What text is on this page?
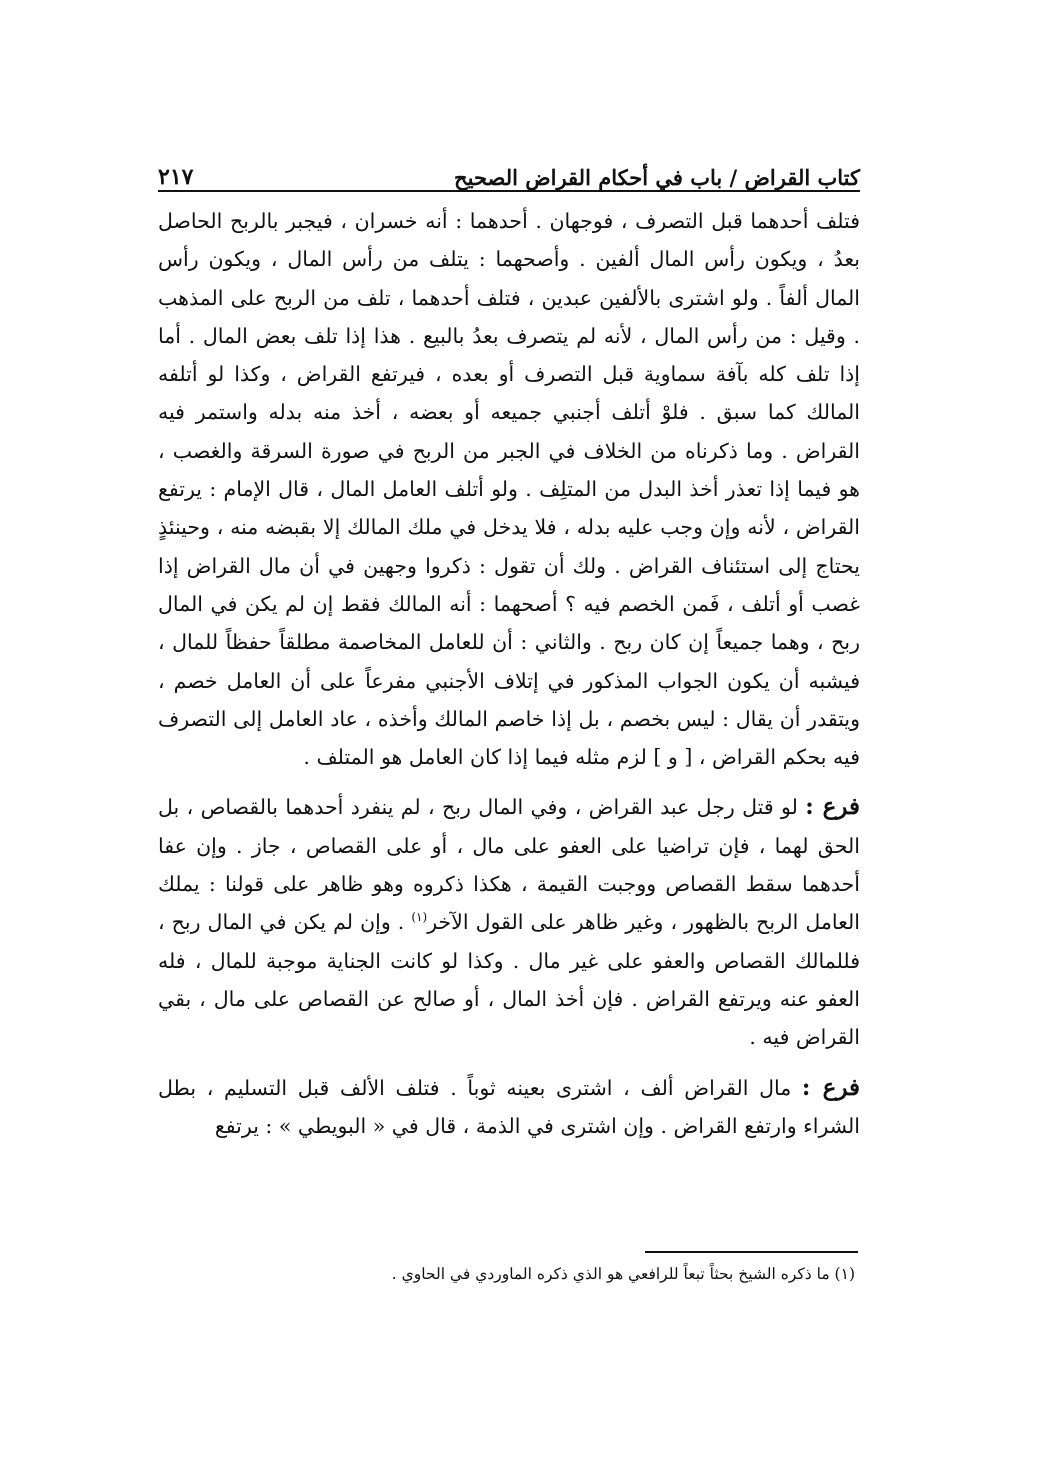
كتاب القراض / باب في أحكام القراض الصحيح
٢١٧

فتلف أحدهما قبل التصرف ، فوجهان . أحدهما : أنه خسران ، فيجبر بالربح الحاصل بعدُ ، ويكون رأس المال ألفين . وأصحهما : يتلف من رأس المال ، ويكون رأس المال ألفاً . ولو اشترى بالألفين عبدين ، فتلف أحدهما ، تلف من الربح على المذهب . وقيل : من رأس المال ، لأنه لم يتصرف بعدُ بالبيع . هذا إذا تلف بعض المال . أما إذا تلف كله بآفة سماوية قبل التصرف أو بعده ، فيرتفع القراض ، وكذا لو أتلفه المالك كما سبق . فلوْ أتلف أجنبي جميعه أو بعضه ، أخذ منه بدله واستمر فيه القراض . وما ذكرناه من الخلاف في الجبر من الربح في صورة السرقة والغصب ، هو فيما إذا تعذر أخذ البدل من المتلِف . ولو أتلف العامل المال ، قال الإمام : يرتفع القراض ، لأنه وإن وجب عليه بدله ، فلا يدخل في ملك المالك إلا بقبضه منه ، وحينئذٍ يحتاج إلى استئناف القراض . ولك أن تقول : ذكروا وجهين في أن مال القراض إذا غصب أو أتلف ، فَمن الخصم فيه ؟ أصحهما : أنه المالك فقط إن لم يكن في المال ربح ، وهما جميعاً إن كان ربح . والثاني : أن للعامل المخاصمة مطلقاً حفظاً للمال ، فيشبه أن يكون الجواب المذكور في إتلاف الأجنبي مفرعاً على أن العامل خصم ، ويتقدر أن يقال : ليس بخصم ، بل إذا خاصم المالك وأخذه ، عاد العامل إلى التصرف فيه بحكم القراض ، [ و ] لزم مثله فيما إذا كان العامل هو المتلف .

فرع : لو قتل رجل عبد القراض ، وفي المال ربح ، لم ينفرد أحدهما بالقصاص ، بل الحق لهما ، فإن تراضيا على العفو على مال ، أو على القصاص ، جاز . وإن عفا أحدهما سقط القصاص ووجبت القيمة ، هكذا ذكروه وهو ظاهر على قولنا : يملك العامل الربح بالظهور ، وغير ظاهر على القول الآخر$^{(١)}$ . وإن لم يكن في المال ربح ، فللمالك القصاص والعفو على غير مال . وكذا لو كانت الجناية موجبة للمال ، فله العفو عنه ويرتفع القراض . فإن أخذ المال ، أو صالح عن القصاص على مال ، بقي القراض فيه .

فرع : مال القراض ألف ، اشترى بعينه ثوباً . فتلف الألف قبل التسليم ، بطل الشراء وارتفع القراض . وإن اشترى في الذمة ، قال في « البويطي » : يرتفع

(١) ما ذكره الشيخ بحثاً تبعاً للرافعي هو الذي ذكره الماوردي في الحاوي .
